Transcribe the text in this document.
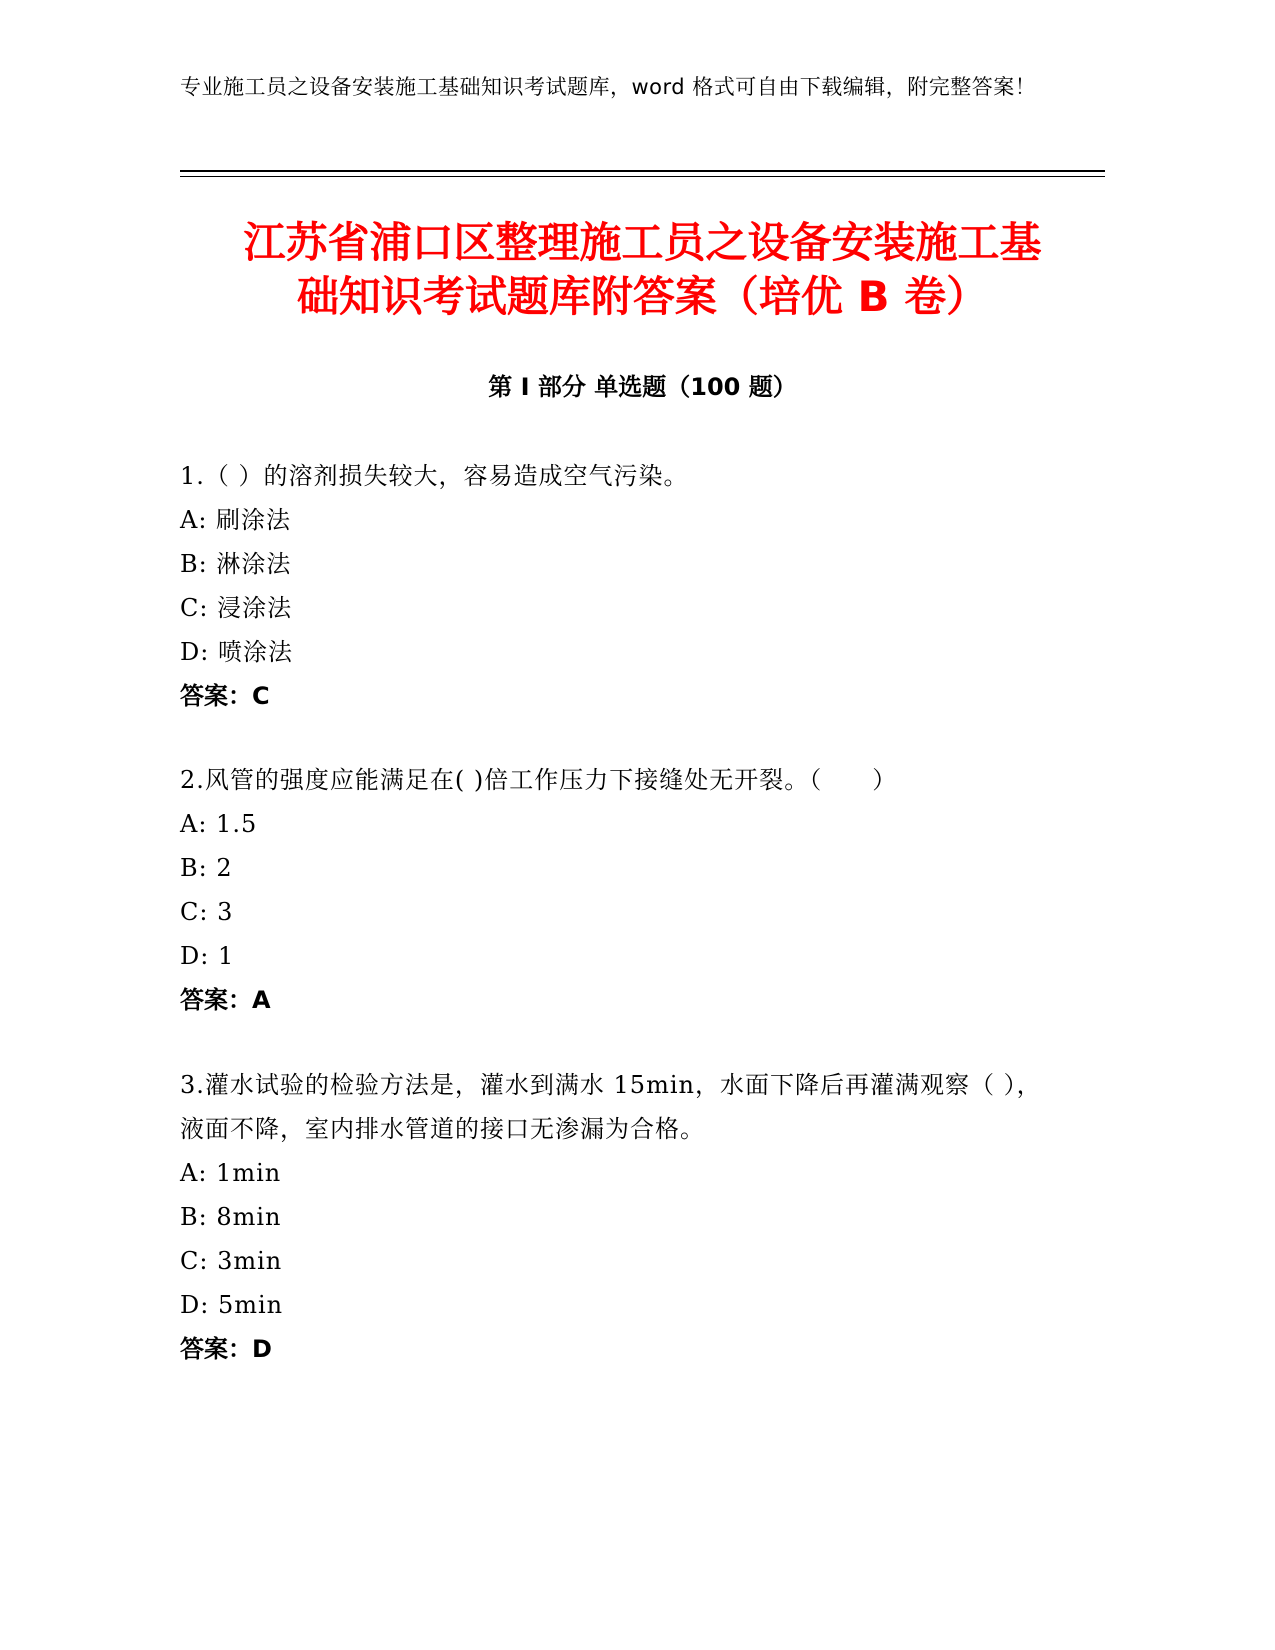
专业施工员之设备安装施工基础知识考试题库，word 格式可自由下载编辑，附完整答案！
江苏省浦口区整理施工员之设备安装施工基
础知识考试题库附答案（培优 B 卷）
第 I 部分 单选题（100 题）
1.（ ）的溶剂损失较大，容易造成空气污染。
A: 刷涂法
B: 淋涂法
C: 浸涂法
D: 喷涂法
答案：C
2.风管的强度应能满足在( )倍工作压力下接缝处无开裂。（　　）
A: 1.5
B: 2
C: 3
D: 1
答案：A
3.灌水试验的检验方法是，灌水到满水 15min，水面下降后再灌满观察（ ），液面不降，室内排水管道的接口无渗漏为合格。
A: 1min
B: 8min
C: 3min
D: 5min
答案：D
